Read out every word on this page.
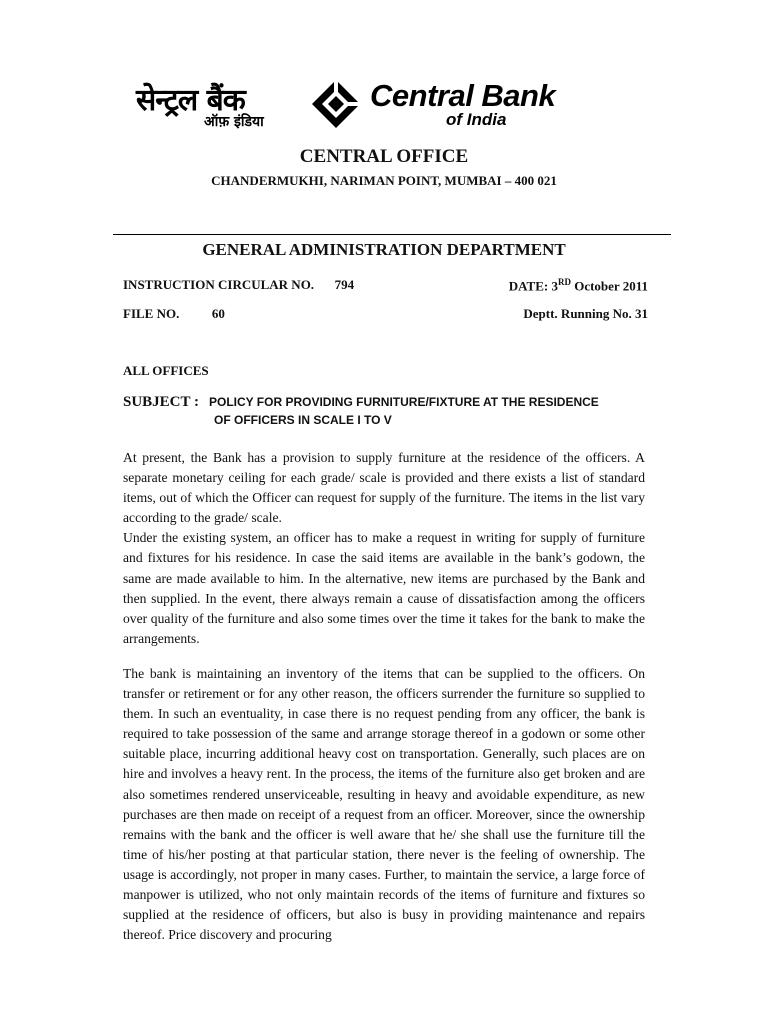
सेन्ट्रल बैंक
ऑफ़ इंडिया
Central Bank
of India
CENTRAL OFFICE
CHANDERMUKHI, NARIMAN POINT, MUMBAI – 400 021
GENERAL ADMINISTRATION DEPARTMENT
INSTRUCTION CIRCULAR NO. 794	DATE: 3RD October 2011
FILE NO.	60	Deptt. Running No. 31
ALL OFFICES
SUBJECT : POLICY FOR PROVIDING FURNITURE/FIXTURE AT THE RESIDENCE
OF OFFICERS IN SCALE I TO V

At present, the Bank has a provision to supply furniture at the residence of the officers. A separate monetary ceiling for each grade/ scale is provided and there exists a list of standard items, out of which the Officer can request for supply of the furniture. The items in the list vary according to the grade/ scale.

Under the existing system, an officer has to make a request in writing for supply of furniture and fixtures for his residence. In case the said items are available in the bank’s godown, the same are made available to him. In the alternative, new items are purchased by the Bank and then supplied. In the event, there always remain a cause of dissatisfaction among the officers over quality of the furniture and also some times over the time it takes for the bank to make the arrangements.

The bank is maintaining an inventory of the items that can be supplied to the officers. On transfer or retirement or for any other reason, the officers surrender the furniture so supplied to them. In such an eventuality, in case there is no request pending from any officer, the bank is required to take possession of the same and arrange storage thereof in a godown or some other suitable place, incurring additional heavy cost on transportation. Generally, such places are on hire and involves a heavy rent. In the process, the items of the furniture also get broken and are also sometimes rendered unserviceable, resulting in heavy and avoidable expenditure, as new purchases are then made on receipt of a request from an officer. Moreover, since the ownership remains with the bank and the officer is well aware that he/ she shall use the furniture till the time of his/her posting at that particular station, there never is the feeling of ownership. The usage is accordingly, not proper in many cases. Further, to maintain the service, a large force of manpower is utilized, who not only maintain records of the items of furniture and fixtures so supplied at the residence of officers, but also is busy in providing maintenance and repairs thereof. Price discovery and procuring
